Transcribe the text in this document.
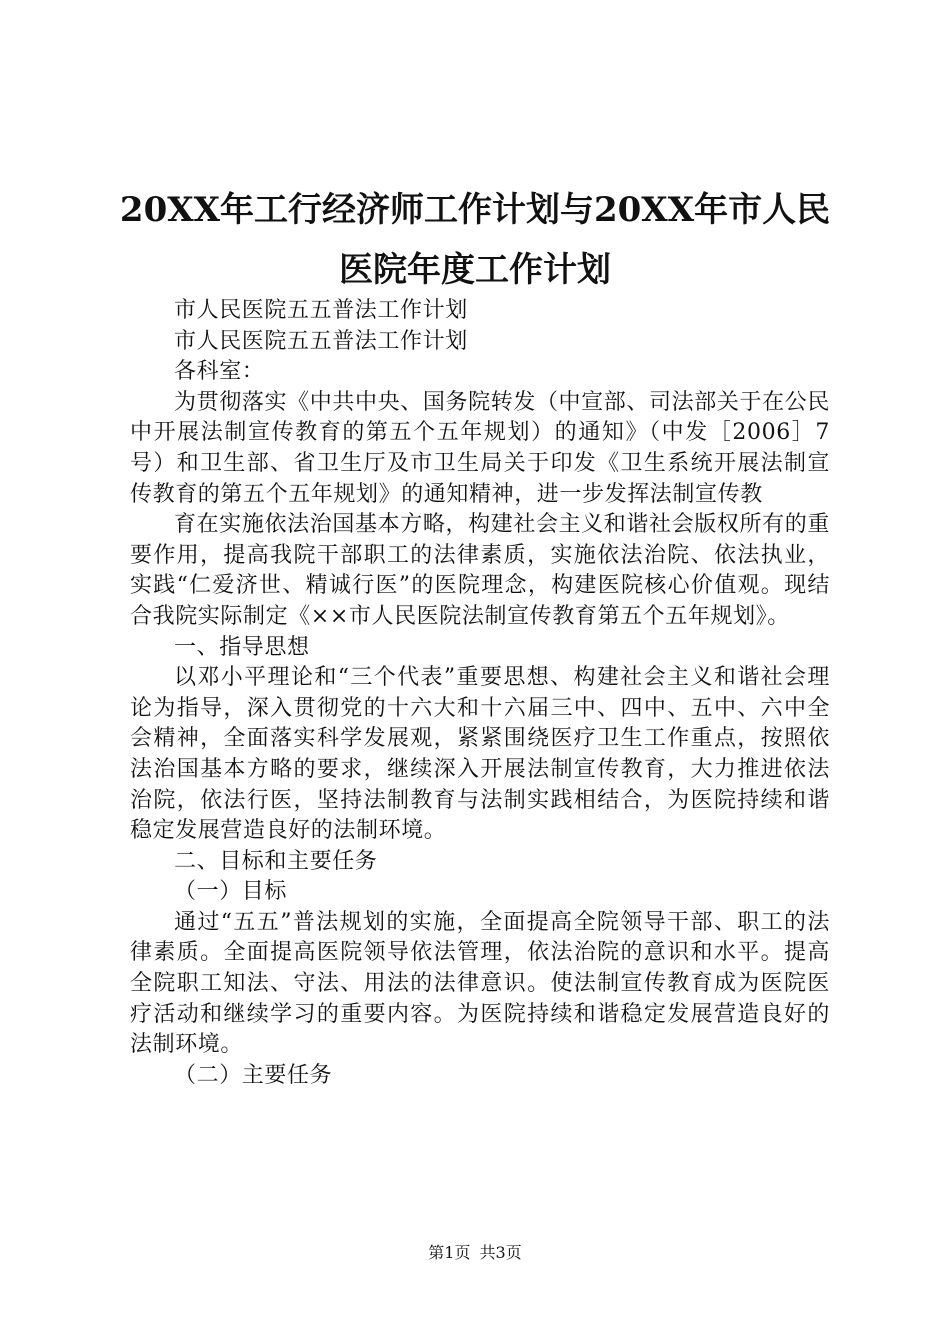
20XX年工行经济师工作计划与20XX年市人民
医院年度工作计划

市人民医院五五普法工作计划

市人民医院五五普法工作计划

各科室：

为贯彻落实《中共中央、国务院转发（中宣部、司法部关于在公民中开展法制宣传教育的第五个五年规划）的通知》（中发［2006］7号）和卫生部、省卫生厅及市卫生局关于印发《卫生系统开展法制宣传教育的第五个五年规划》的通知精神，进一步发挥法制宣传教

育在实施依法治国基本方略，构建社会主义和谐社会版权所有的重要作用，提高我院干部职工的法律素质，实施依法治院、依法执业，实践“仁爱济世、精诚行医”的医院理念，构建医院核心价值观。现结合我院实际制定《××市人民医院法制宣传教育第五个五年规划》。

一、指导思想

以邓小平理论和“三个代表”重要思想、构建社会主义和谐社会理论为指导，深入贯彻党的十六大和十六届三中、四中、五中、六中全会精神，全面落实科学发展观，紧紧围绕医疗卫生工作重点，按照依法治国基本方略的要求，继续深入开展法制宣传教育，大力推进依法治院，依法行医，坚持法制教育与法制实践相结合，为医院持续和谐稳定发展营造良好的法制环境。

二、目标和主要任务

（一）目标

通过“五五”普法规划的实施，全面提高全院领导干部、职工的法律素质。全面提高医院领导依法管理，依法治院的意识和水平。提高全院职工知法、守法、用法的法律意识。使法制宣传教育成为医院医疗活动和继续学习的重要内容。为医院持续和谐稳定发展营造良好的法制环境。

（二）主要任务

第1页 共3页
